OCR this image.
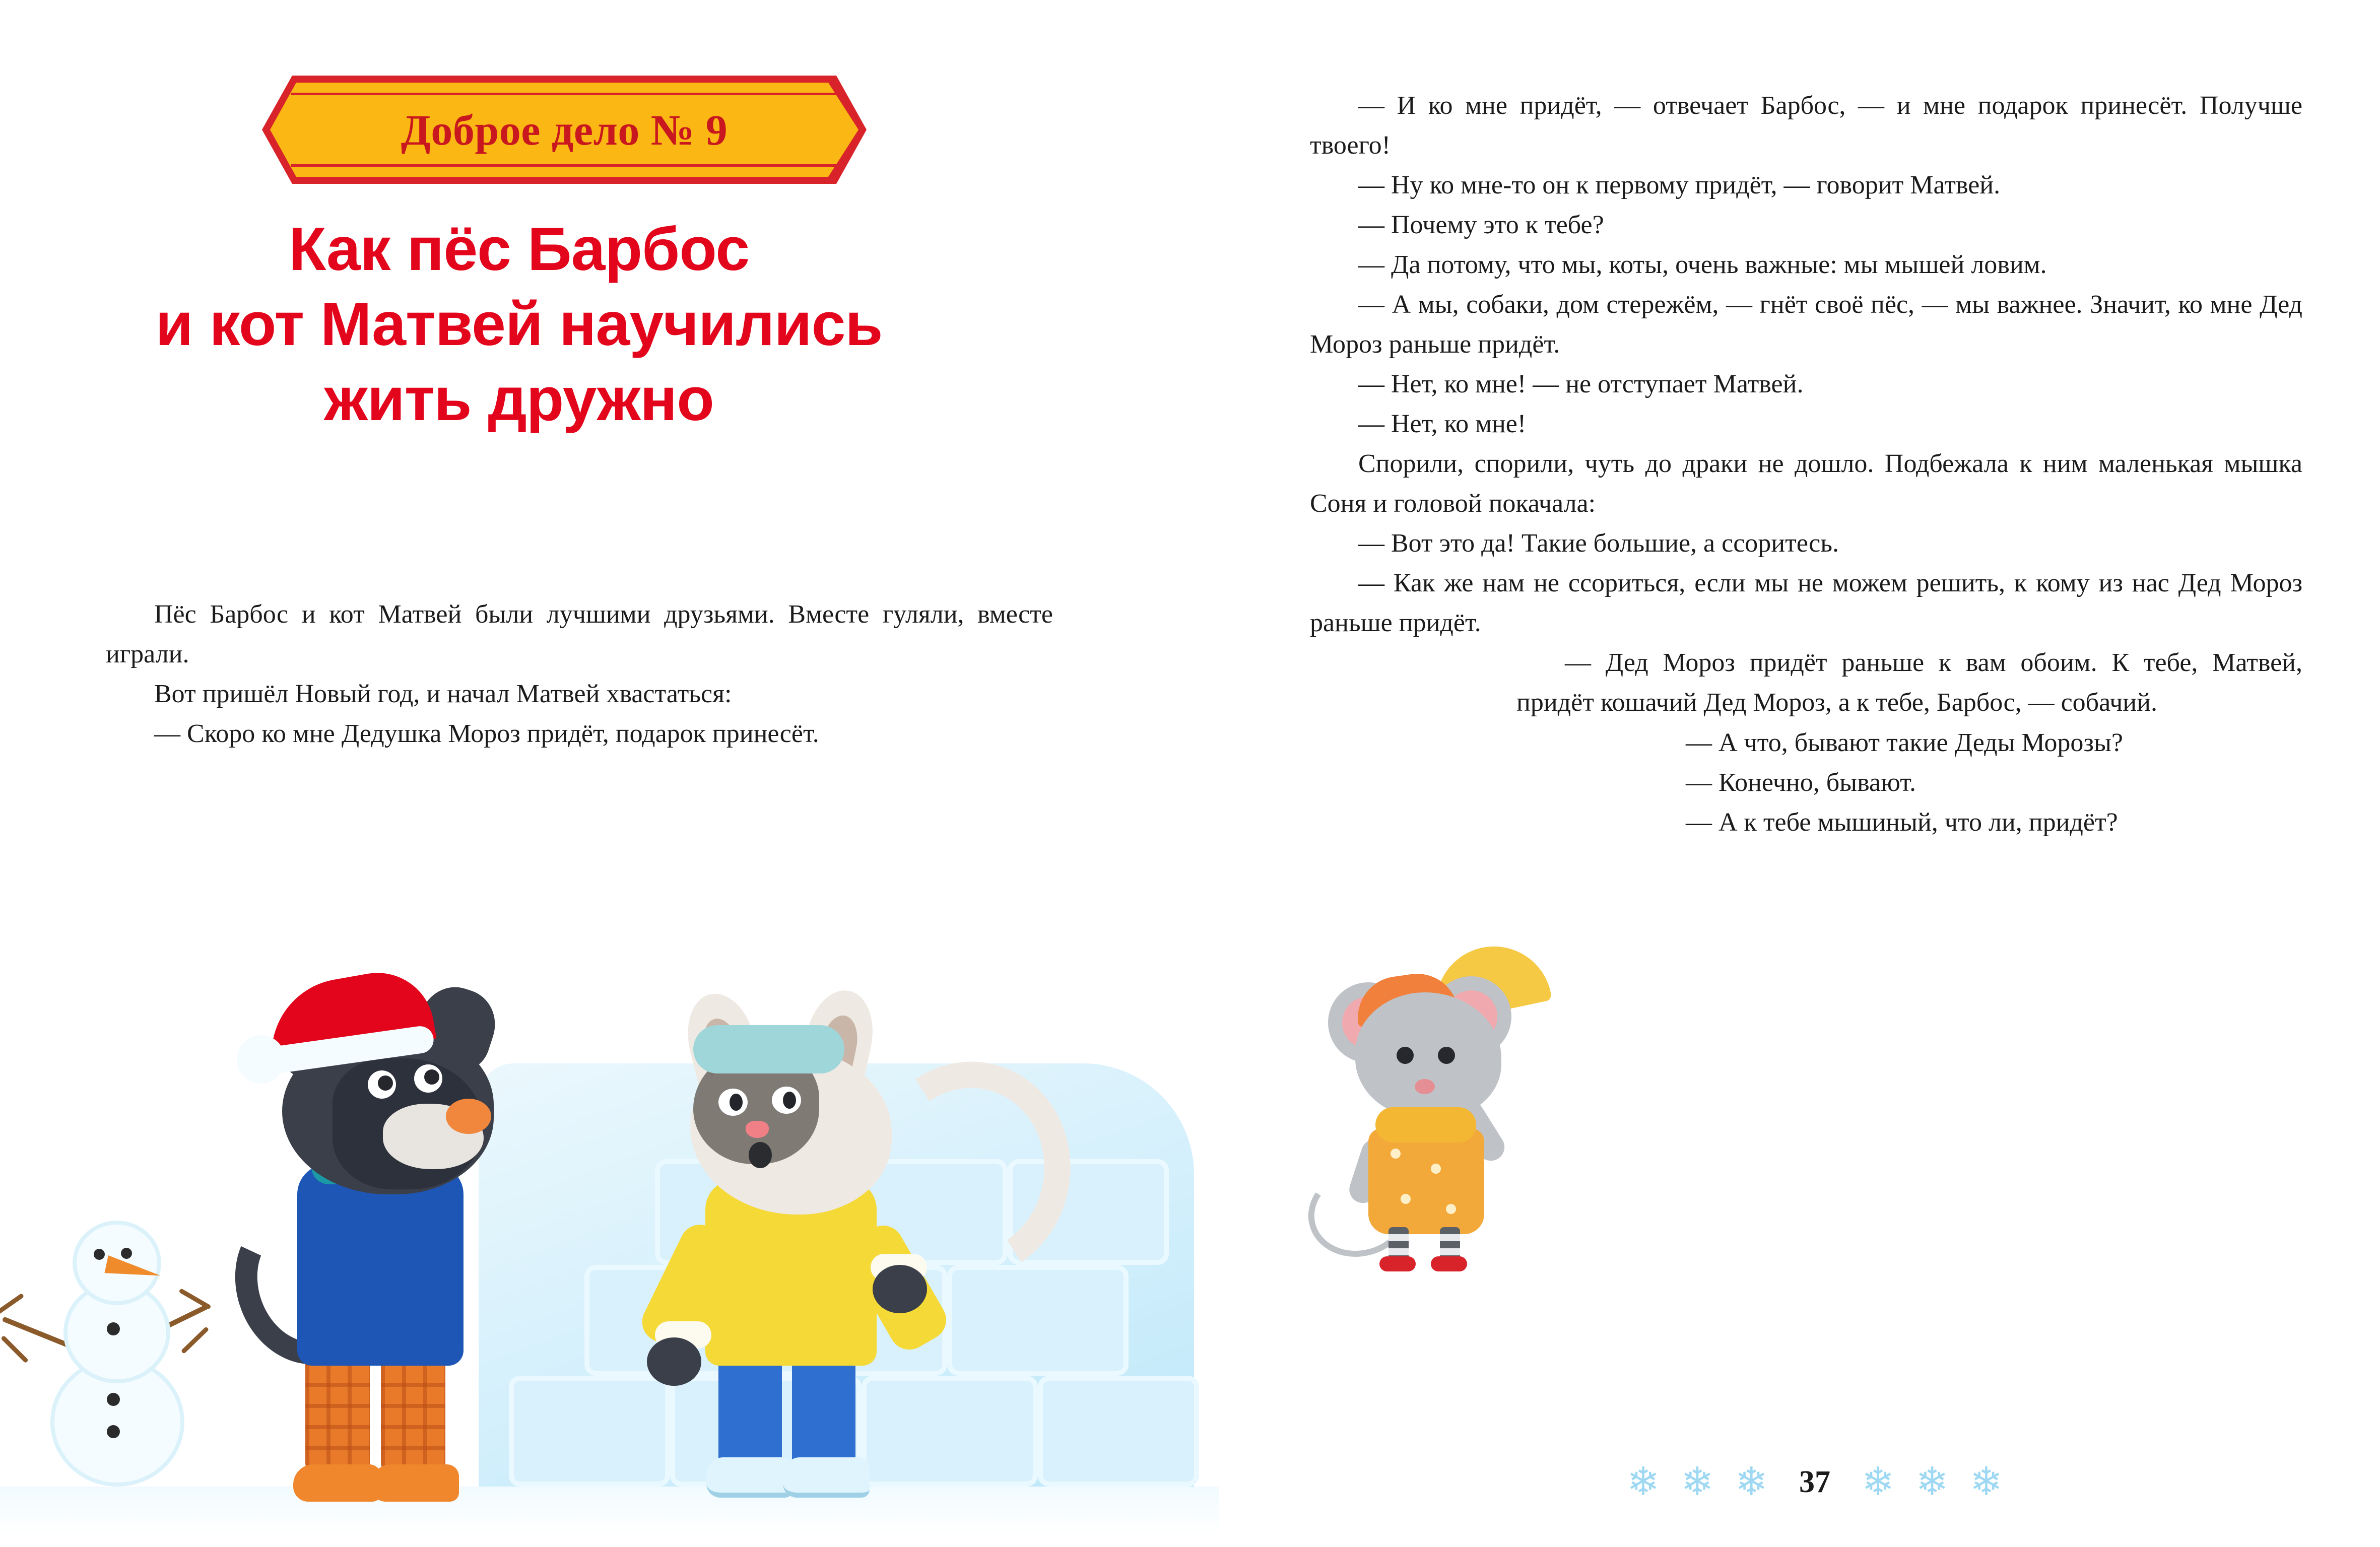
Доброе дело № 9
Как пёс Барбос
и кот Матвей научились
жить дружно

Пёс Барбос и кот Матвей были лучшими друзьями. Вместе гуляли, вместе играли.

Вот пришёл Новый год, и начал Матвей хвастаться:

— Скоро ко мне Дедушка Мороз придёт, подарок принесёт.

— И ко мне придёт, — отвечает Барбос, — и мне подарок принесёт. Получше твоего!

— Ну ко мне-то он к первому придёт, — говорит Матвей.

— Почему это к тебе?

— Да потому, что мы, коты, очень важные: мы мышей ловим.

— А мы, собаки, дом стережём, — гнёт своё пёс, — мы важнее. Значит, ко мне Дед Мороз раньше придёт.

— Нет, ко мне! — не отступает Матвей.

— Нет, ко мне!

Спорили, спорили, чуть до драки не дошло. Подбежала к ним маленькая мышка Соня и головой покачала:

— Вот это да! Такие большие, а ссоритесь.

— Как же нам не ссориться, если мы не можем решить, к кому из нас Дед Мороз раньше придёт.

— Дед Мороз придёт раньше к вам обоим. К тебе, Матвей, придёт кошачий Дед Мороз, а к тебе, Барбос, — собачий.

— А что, бывают такие Деды Морозы?

— Конечно, бывают.

— А к тебе мышиный, что ли, придёт?

❄ ❄ ❄ 37 ❄ ❄ ❄
